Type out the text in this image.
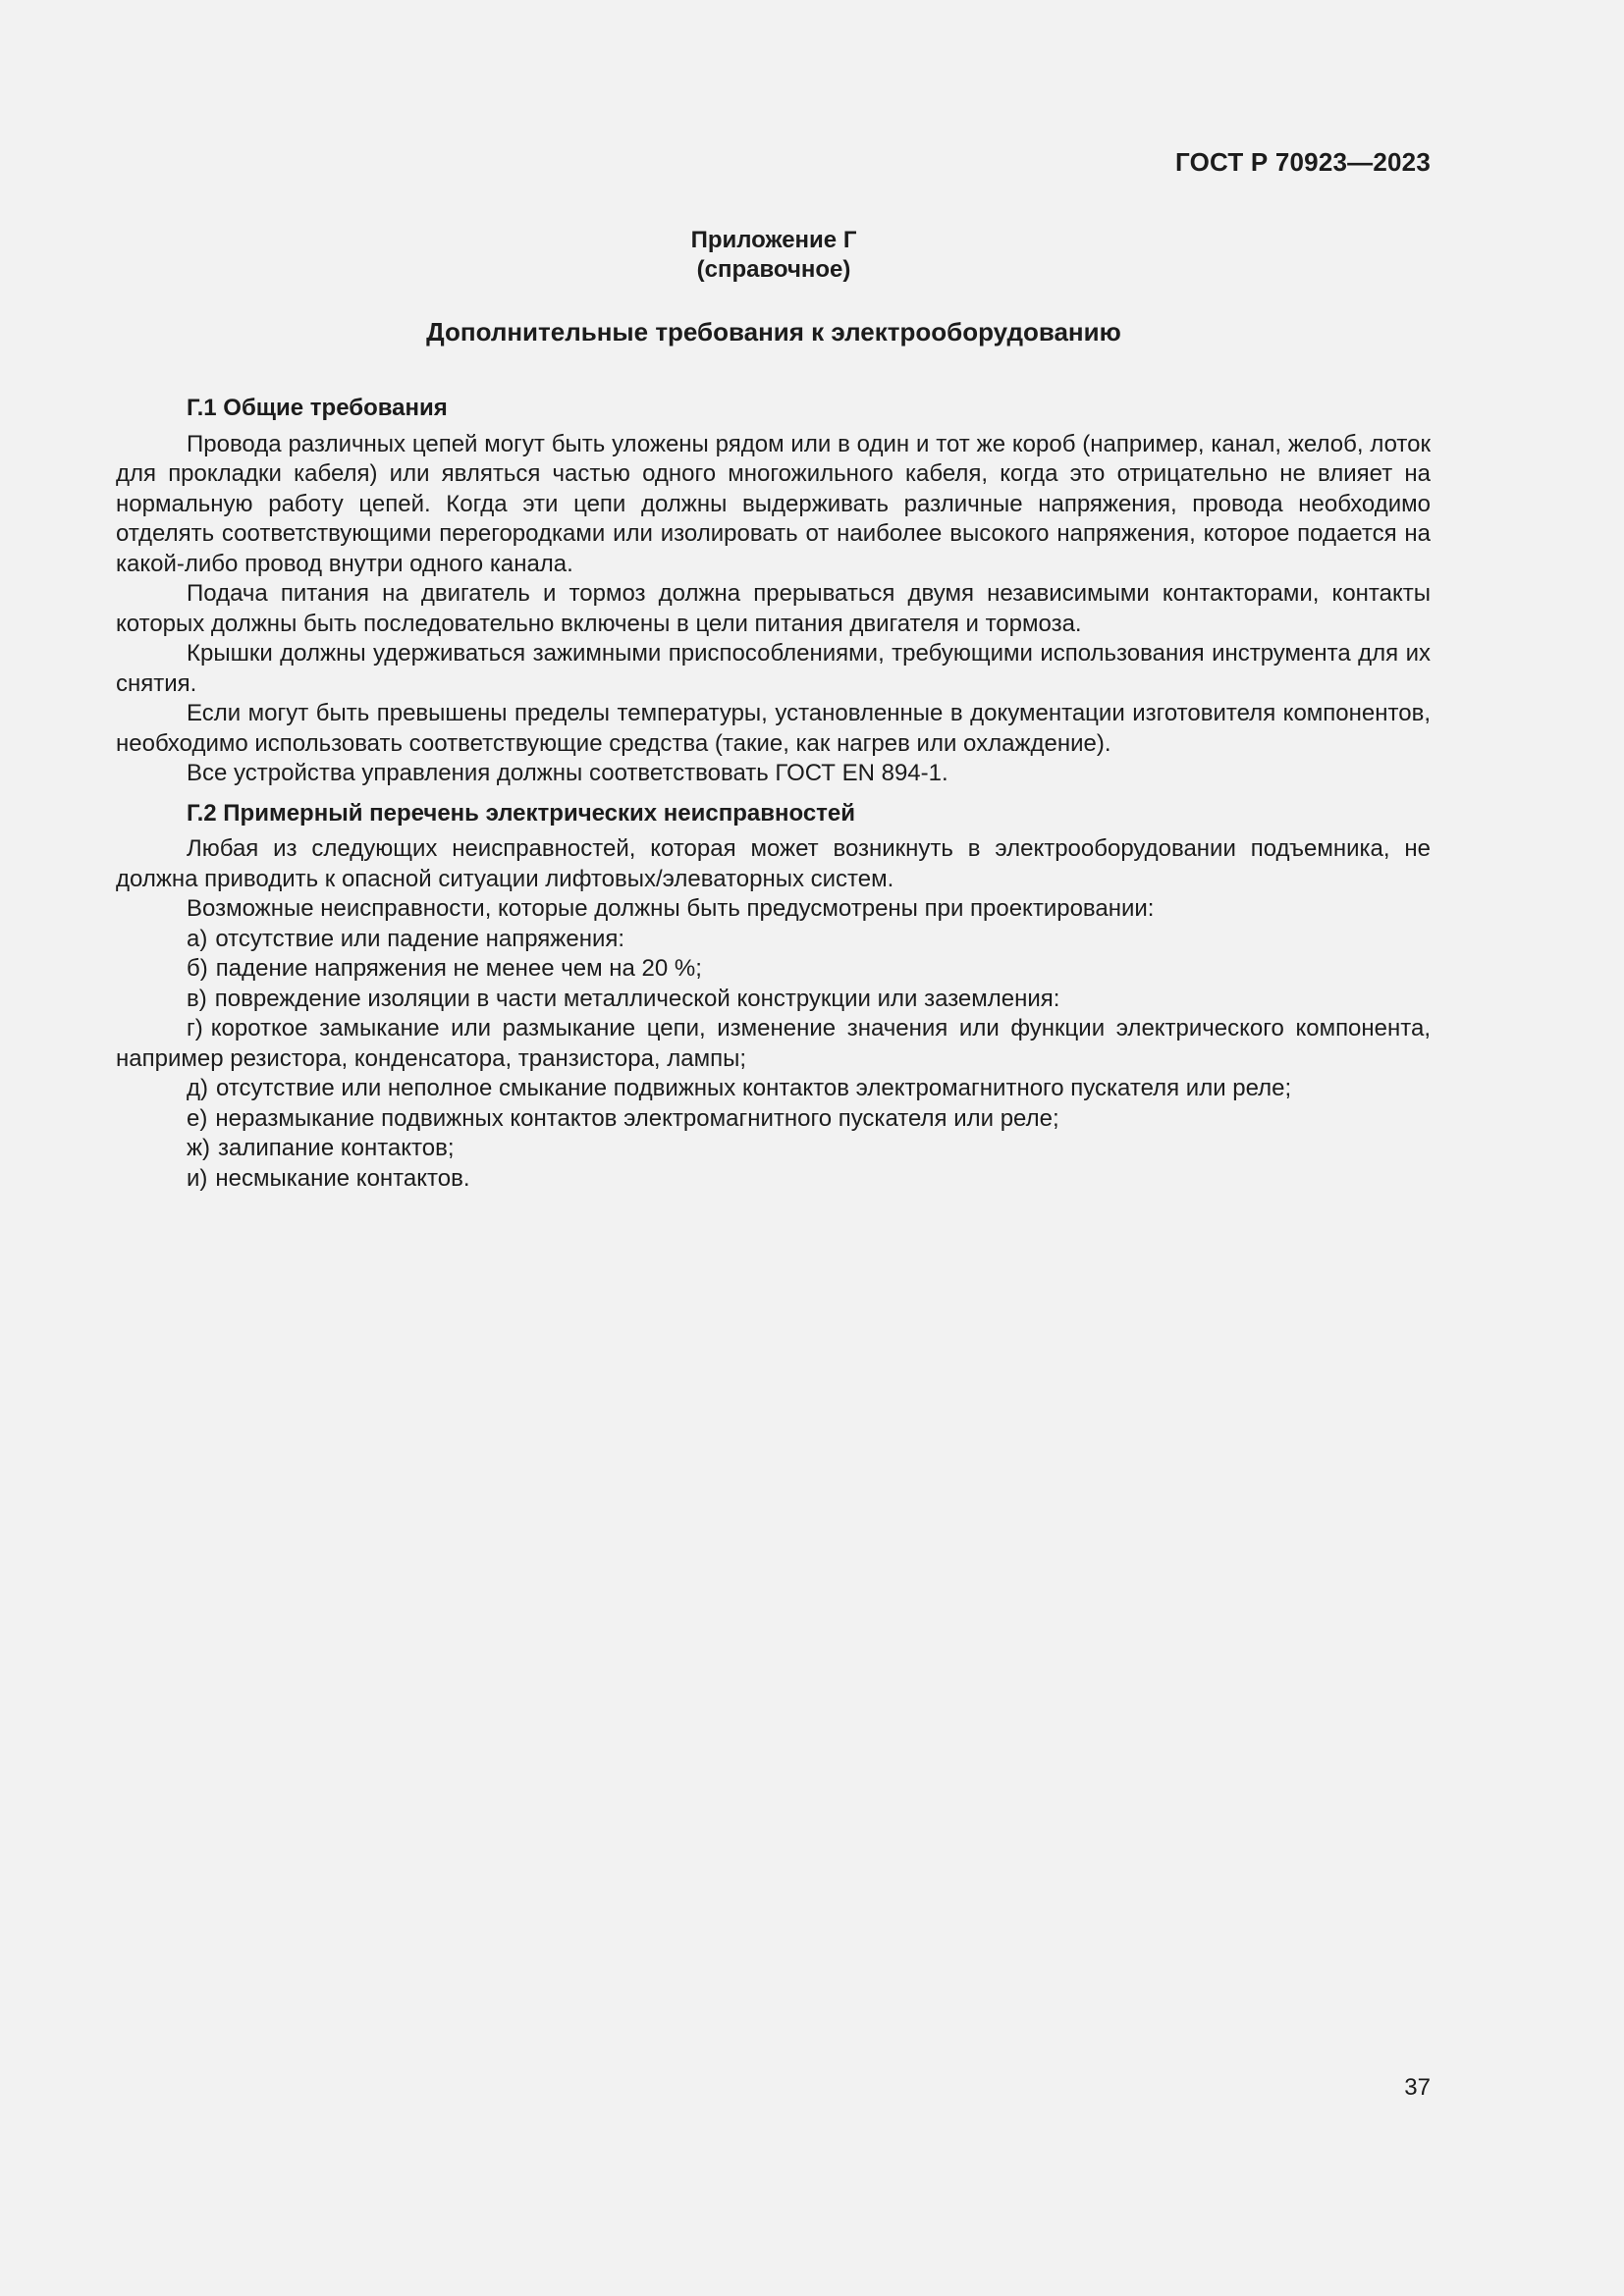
ГОСТ Р 70923—2023
Приложение Г
(справочное)
Дополнительные требования к электрооборудованию

Г.1 Общие требования

Провода различных цепей могут быть уложены рядом или в один и тот же короб (например, канал, желоб, лоток для прокладки кабеля) или являться частью одного многожильного кабеля, когда это отрицательно не влияет на нормальную работу цепей. Когда эти цепи должны выдерживать различные напряжения, провода необходимо отделять соответствующими перегородками или изолировать от наиболее высокого напряжения, которое подается на какой-либо провод внутри одного канала.

Подача питания на двигатель и тормоз должна прерываться двумя независимыми контакторами, контакты которых должны быть последовательно включены в цели питания двигателя и тормоза.

Крышки должны удерживаться зажимными приспособлениями, требующими использования инструмента для их снятия.

Если могут быть превышены пределы температуры, установленные в документации изготовителя компонентов, необходимо использовать соответствующие средства (такие, как нагрев или охлаждение).

Все устройства управления должны соответствовать ГОСТ EN 894-1.

Г.2 Примерный перечень электрических неисправностей

Любая из следующих неисправностей, которая может возникнуть в электрооборудовании подъемника, не должна приводить к опасной ситуации лифтовых/элеваторных систем.

Возможные неисправности, которые должны быть предусмотрены при проектировании:

а) отсутствие или падение напряжения:

б) падение напряжения не менее чем на 20 %;

в) повреждение изоляции в части металлической конструкции или заземления:

г) короткое замыкание или размыкание цепи, изменение значения или функции электрического компонента, например резистора, конденсатора, транзистора, лампы;

д) отсутствие или неполное смыкание подвижных контактов электромагнитного пускателя или реле;

е) неразмыкание подвижных контактов электромагнитного пускателя или реле;

ж) залипание контактов;

и) несмыкание контактов.

37
